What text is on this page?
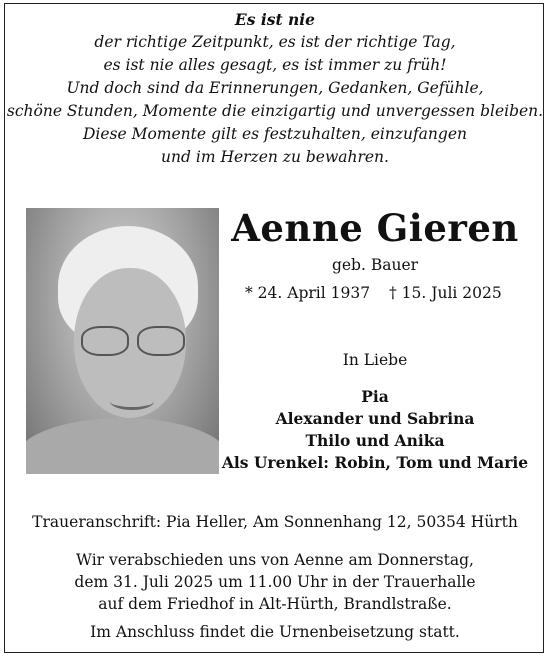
Es ist nie
der richtige Zeitpunkt, es ist der richtige Tag,
es ist nie alles gesagt, es ist immer zu früh!
Und doch sind da Erinnerungen, Gedanken, Gefühle,
schöne Stunden, Momente die einzigartig und unvergessen bleiben.
Diese Momente gilt es festzuhalten, einzufangen
und im Herzen zu bewahren.
Aenne Gieren
geb. Bauer
* 24. April 1937 † 15. Juli 2025
In Liebe
Pia
Alexander und Sabrina
Thilo und Anika
Als Urenkel: Robin, Tom und Marie
Traueranschrift: Pia Heller, Am Sonnenhang 12, 50354 Hürth
Wir verabschieden uns von Aenne am Donnerstag,
dem 31. Juli 2025 um 11.00 Uhr in der Trauerhalle
auf dem Friedhof in Alt-Hürth, Brandlstraße.
Im Anschluss findet die Urnenbeisetzung statt.
